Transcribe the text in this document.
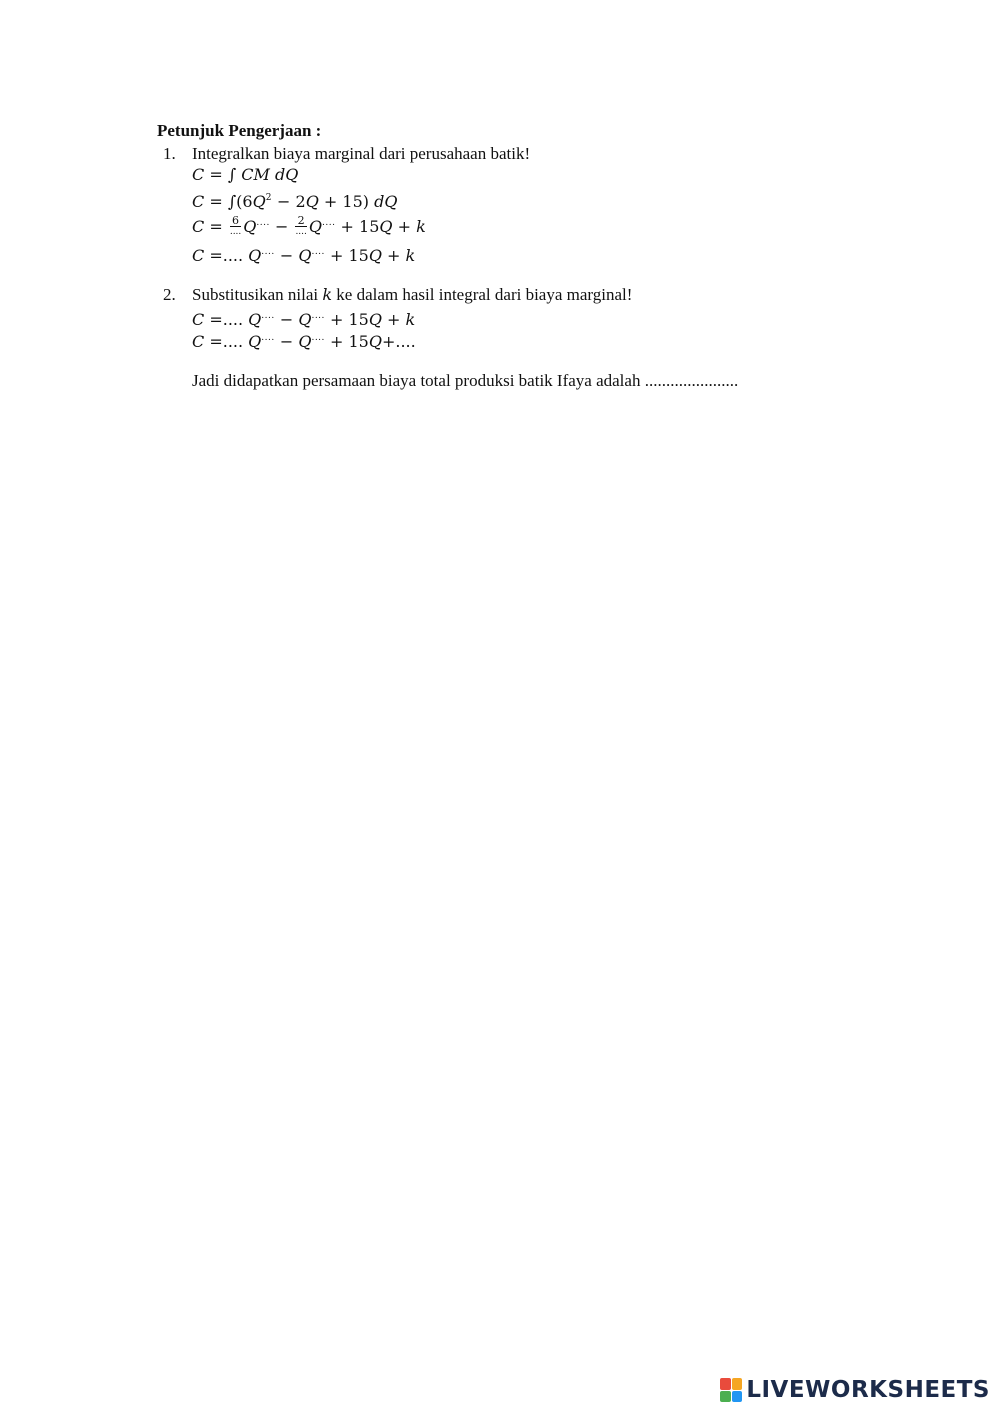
Petunjuk Pengerjaan :
1. Integralkan biaya marginal dari perusahaan batik!
C = ∫ CM dQ
$C = \int(6Q^2 - 2Q + 15)$ dQ
$C = \frac{6}{....} Q^{....} - \frac{2}{....} Q^{....} + 15Q + k$
C =.... Q.... − Q.... + 15Q + k
2. Substitusikan nilai k ke dalam hasil integral dari biaya marginal!
C =.... Q.... − Q.... + 15Q + k
C =.... Q.... − Q.... + 15Q+....
Jadi didapatkan persamaan biaya total produksi batik Ifaya adalah ......................
LIVEWORKSHEETS
